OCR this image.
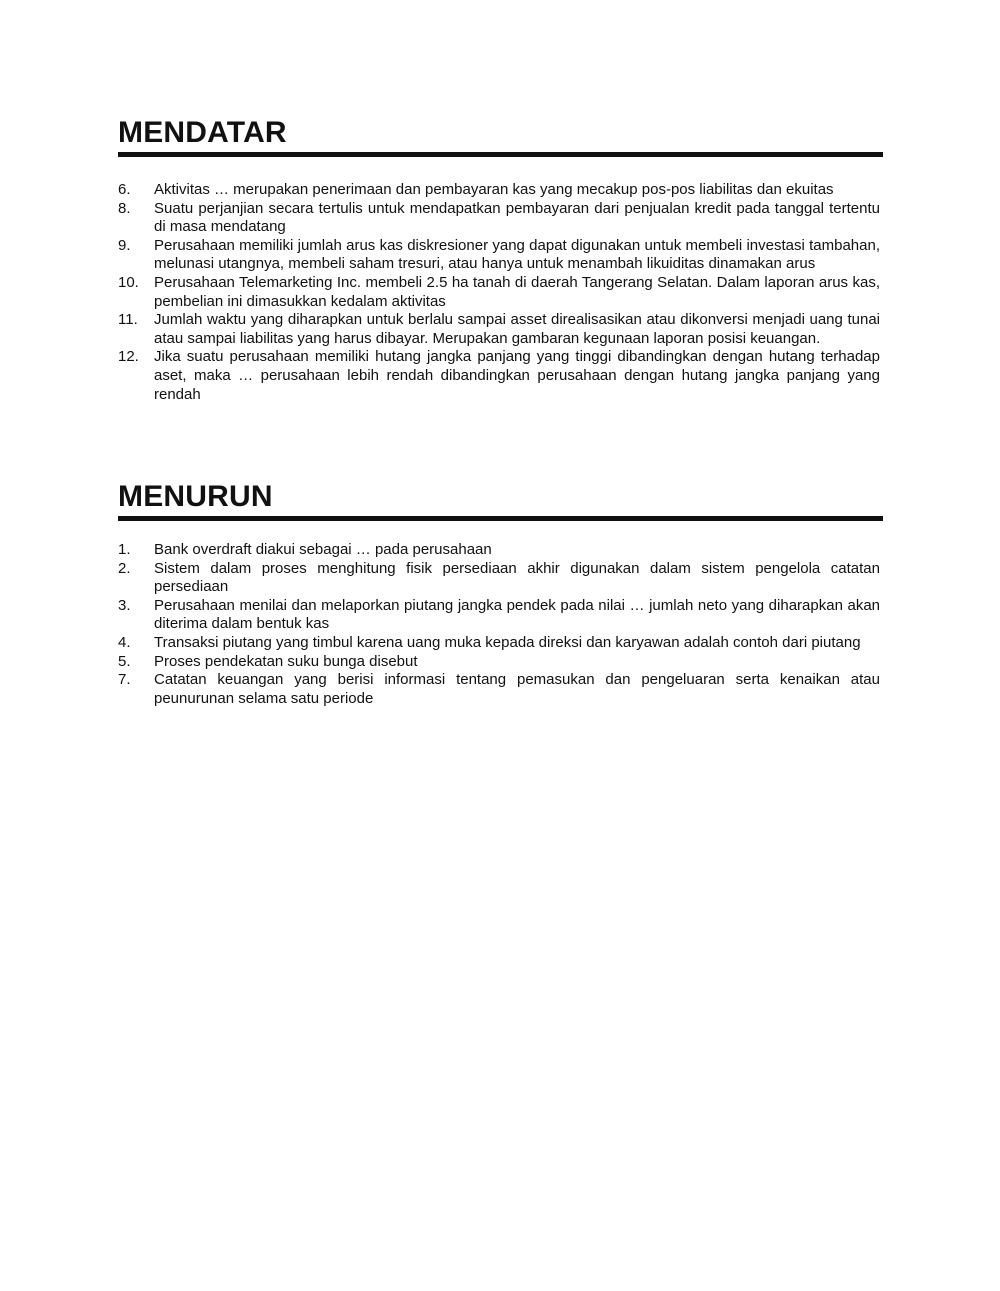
MENDATAR
6.	Aktivitas … merupakan penerimaan dan pembayaran kas yang mecakup pos-pos liabilitas dan ekuitas
8.	Suatu perjanjian secara tertulis untuk mendapatkan pembayaran dari penjualan kredit pada tanggal tertentu di masa mendatang
9.	Perusahaan memiliki jumlah arus kas diskresioner yang dapat digunakan untuk membeli investasi tambahan, melunasi utangnya, membeli saham tresuri, atau hanya untuk menambah likuiditas dinamakan arus
10.	Perusahaan Telemarketing Inc. membeli 2.5 ha tanah di daerah Tangerang Selatan. Dalam laporan arus kas, pembelian ini dimasukkan kedalam aktivitas
11.	Jumlah waktu yang diharapkan untuk berlalu sampai asset direalisasikan atau dikonversi menjadi uang tunai atau sampai liabilitas yang harus dibayar. Merupakan gambaran kegunaan laporan posisi keuangan.
12.	Jika suatu perusahaan memiliki hutang jangka panjang yang tinggi dibandingkan dengan hutang terhadap aset, maka … perusahaan lebih rendah dibandingkan perusahaan dengan hutang jangka panjang yang rendah
MENURUN
1.	Bank overdraft diakui sebagai … pada perusahaan
2.	Sistem dalam proses menghitung fisik persediaan akhir digunakan dalam sistem pengelola catatan persediaan
3.	Perusahaan menilai dan melaporkan piutang jangka pendek pada nilai … jumlah neto yang diharapkan akan diterima dalam bentuk kas
4.	Transaksi piutang yang timbul karena uang muka kepada direksi dan karyawan adalah contoh dari piutang
5.	Proses pendekatan suku bunga disebut
7.	Catatan keuangan yang berisi informasi tentang pemasukan dan pengeluaran serta kenaikan atau peunurunan selama satu periode
